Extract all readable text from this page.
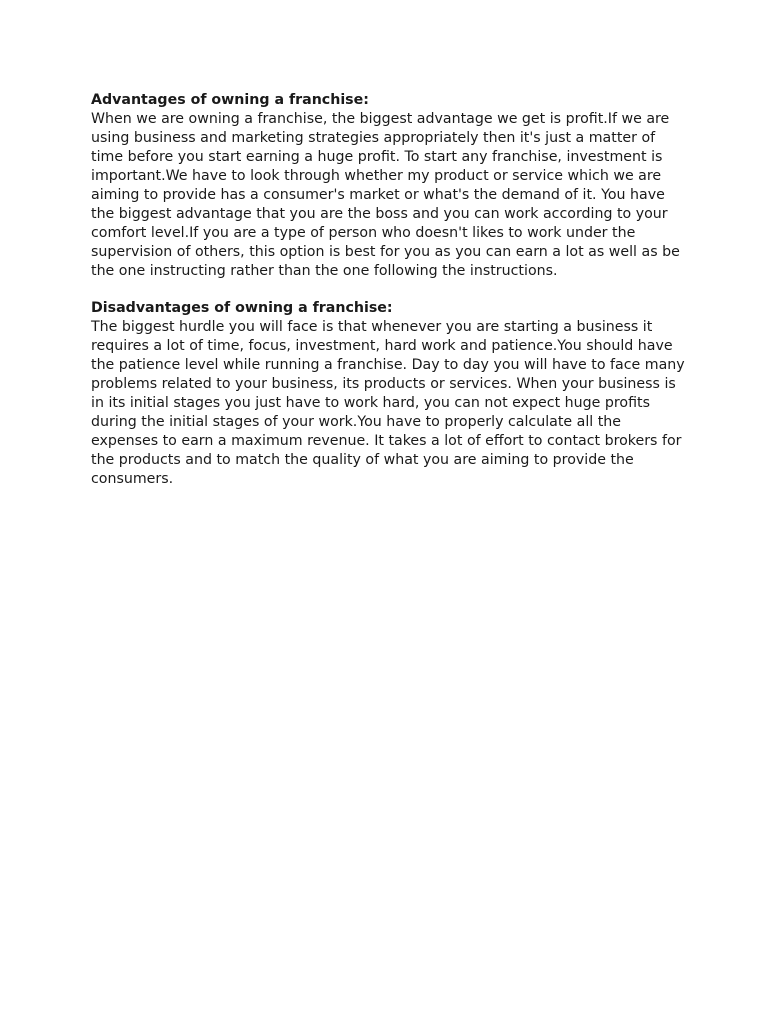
Advantages of owning a franchise:

When we are owning a franchise, the biggest advantage we get is profit.If we are using business and marketing strategies appropriately then it's just a matter of time before you start earning a huge profit. To start any franchise, investment is important.We have to look through whether my product or service which we are aiming to provide has a consumer's market or what's the demand of it. You have the biggest advantage that you are the boss and you can work according to your comfort level.If you are a type of person who doesn't likes to work under the supervision of others, this option is best for you as you can earn a lot as well as be the one instructing rather than the one following the instructions.

Disadvantages of owning a franchise:

The biggest hurdle you will face is that whenever you are starting a business it requires a lot of time, focus, investment, hard work and patience.You should have the patience level while running a franchise. Day to day you will have to face many problems related to your business, its products or services. When your business is in its initial stages you just have to work hard, you can not expect huge profits during the initial stages of your work.You have to properly calculate all the expenses to earn a maximum revenue. It takes a lot of effort to contact brokers for the products and to match the quality of what you are aiming to provide the consumers.
